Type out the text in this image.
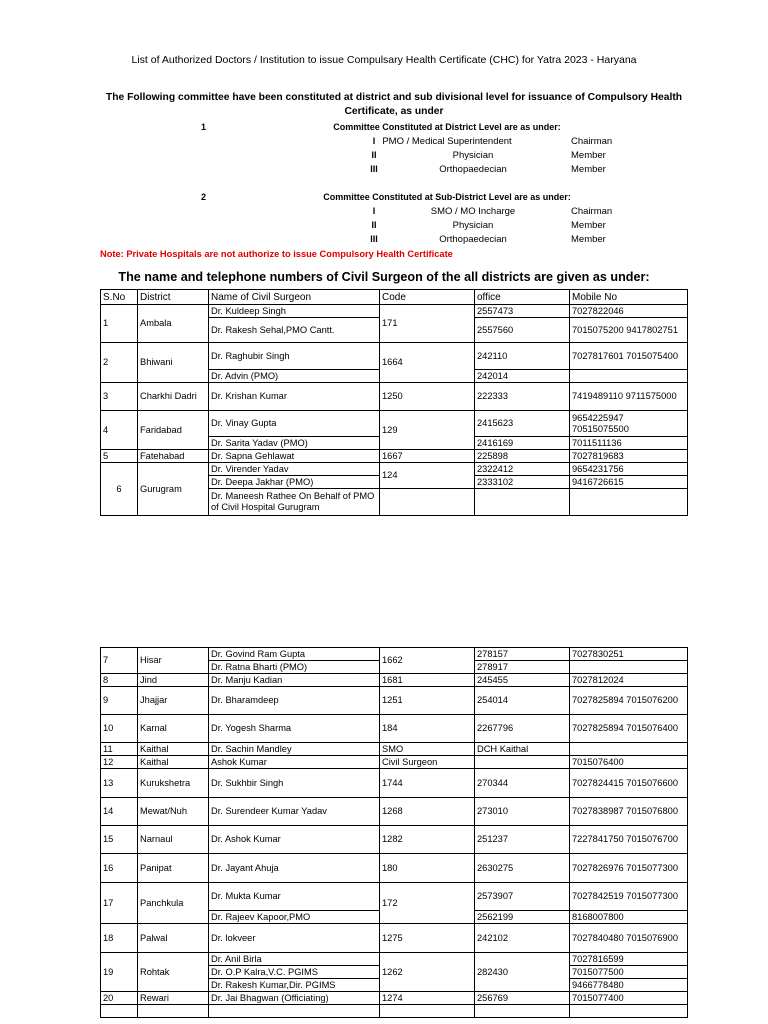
List of Authorized Doctors / Institution to issue Compulsary Health Certificate (CHC) for Yatra 2023 - Haryana
The Following committee have been constituted at district and sub divisional level for issuance of Compulsory Health Certificate, as under
1	Committee Constituted at District Level are as under:
I PMO / Medical Superintendent	Chairman
II	Physician	Member
III	Orthopaedecian	Member
2	Committee Constituted at Sub-District Level are as under:
I	SMO / MO Incharge	Chairman
II	Physician	Member
III	Orthopaedecian	Member
Note: Private Hospitals are not authorize to issue Compulsory Health Certificate
The name and telephone numbers of Civil Surgeon of the all districts are given as under:
S.No	District	Name of Civil Surgeon	Code	office	Mobile No
1	Ambala	Dr. Kuldeep Singh	171	2557473	7027822046
		Dr. Rakesh Sehal,PMO Cantt.		2557560	7015075200 9417802751
2	Bhiwani	Dr. Raghubir Singh	1664	242110	7027817601 7015075400
		Dr. Advin (PMO)		242014	
3	Charkhi Dadri	Dr. Krishan Kumar	1250	222333	7419489110 9711575000
4	Faridabad	Dr. Vinay Gupta	129	2415623	9654225947
70515075500

		Dr. Sarita Yadav (PMO)		2416169	7011511136
5	Fatehabad	Dr. Sapna Gehlawat	1667	225898	7027819683
6	Gurugram	Dr. Virender Yadav	124	2322412	9654231756
		Dr. Deepa Jakhar (PMO)		2333102	9416726615
		Dr. Maneesh Rathee On Behalf of PMO of Civil Hospital Gurugram			
7	Hisar	Dr. Govind Ram Gupta	1662	278157	7027830251
		Dr. Ratna Bharti (PMO)		278917	
8	Jind	Dr. Manju Kadian	1681	245455	7027812024
9	Jhajjar	Dr. Bharamdeep	1251	254014	7027825894 7015076200
10	Karnal	Dr. Yogesh Sharma	184	2267796	7027825894 7015076400
11	Kaithal	Dr. Sachin Mandley	SMO	DCH Kaithal	
12	Kaithal	Ashok Kumar	Civil Surgeon		7015076400
13	Kurukshetra	Dr. Sukhbir Singh	1744	270344	7027824415 7015076600
14	Mewat/Nuh	Dr. Surendeer Kumar Yadav	1268	273010	7027838987 7015076800
15	Narnaul	Dr. Ashok Kumar	1282	251237	7227841750 7015076700
16	Panipat	Dr. Jayant Ahuja	180	2630275	7027826976 7015077300
17	Panchkula	Dr. Mukta Kumar	172	2573907	7027842519 7015077300
		Dr. Rajeev Kapoor,PMO		2562199	8168007800
18	Palwal	Dr. lokveer	1275	242102	7027840480 7015076900
19	Rohtak	Dr. Anil Birla	1262	282430	7027816599
		Dr. O.P Kalra,V.C. PGIMS			7015077500
		Dr. Rakesh Kumar,Dir. PGIMS			9466778480
20	Rewari	Dr. Jai Bhagwan (Officiating)	1274	256769	7015077400
